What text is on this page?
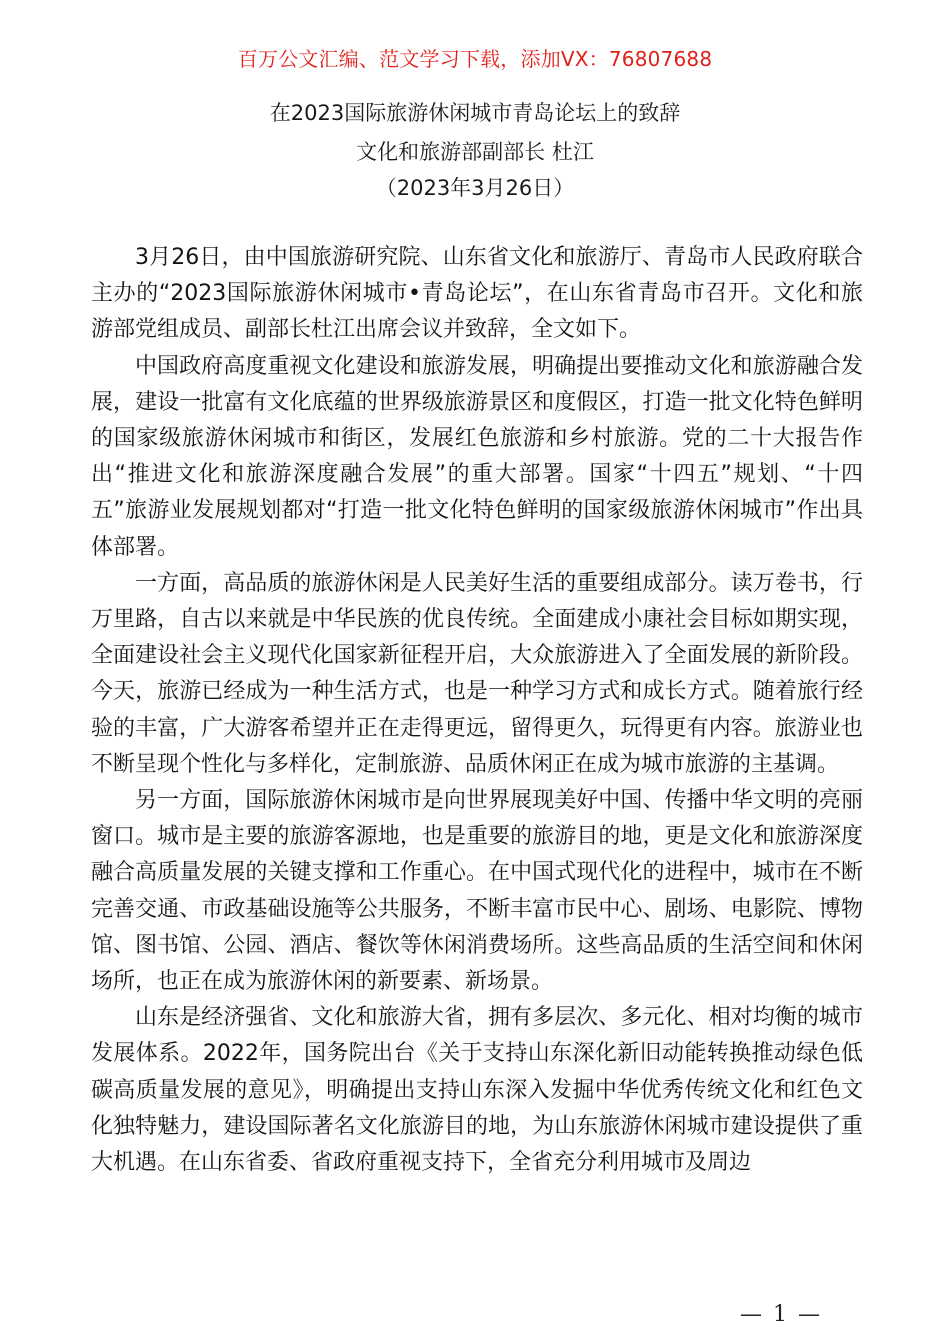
百万公文汇编、范文学习下载，添加VX：76807688
在2023国际旅游休闲城市青岛论坛上的致辞
文化和旅游部副部长 杜江
（2023年3月26日）

3月26日，由中国旅游研究院、山东省文化和旅游厅、青岛市人民政府联合主办的“2023国际旅游休闲城市•青岛论坛”，在山东省青岛市召开。文化和旅游部党组成员、副部长杜江出席会议并致辞，全文如下。

中国政府高度重视文化建设和旅游发展，明确提出要推动文化和旅游融合发展，建设一批富有文化底蕴的世界级旅游景区和度假区，打造一批文化特色鲜明的国家级旅游休闲城市和街区，发展红色旅游和乡村旅游。党的二十大报告作出“推进文化和旅游深度融合发展”的重大部署。国家“十四五”规划、“十四五”旅游业发展规划都对“打造一批文化特色鲜明的国家级旅游休闲城市”作出具体部署。

一方面，高品质的旅游休闲是人民美好生活的重要组成部分。读万卷书，行万里路，自古以来就是中华民族的优良传统。全面建成小康社会目标如期实现，全面建设社会主义现代化国家新征程开启，大众旅游进入了全面发展的新阶段。今天，旅游已经成为一种生活方式，也是一种学习方式和成长方式。随着旅行经验的丰富，广大游客希望并正在走得更远，留得更久，玩得更有内容。旅游业也不断呈现个性化与多样化，定制旅游、品质休闲正在成为城市旅游的主基调。

另一方面，国际旅游休闲城市是向世界展现美好中国、传播中华文明的亮丽窗口。城市是主要的旅游客源地，也是重要的旅游目的地，更是文化和旅游深度融合高质量发展的关键支撑和工作重心。在中国式现代化的进程中，城市在不断完善交通、市政基础设施等公共服务，不断丰富市民中心、剧场、电影院、博物馆、图书馆、公园、酒店、餐饮等休闲消费场所。这些高品质的生活空间和休闲场所，也正在成为旅游休闲的新要素、新场景。

山东是经济强省、文化和旅游大省，拥有多层次、多元化、相对均衡的城市发展体系。2022年，国务院出台《关于支持山东深化新旧动能转换推动绿色低碳高质量发展的意见》，明确提出支持山东深入发掘中华优秀传统文化和红色文化独特魅力，建设国际著名文化旅游目的地，为山东旅游休闲城市建设提供了重大机遇。在山东省委、省政府重视支持下，全省充分利用城市及周边

— 1 —
